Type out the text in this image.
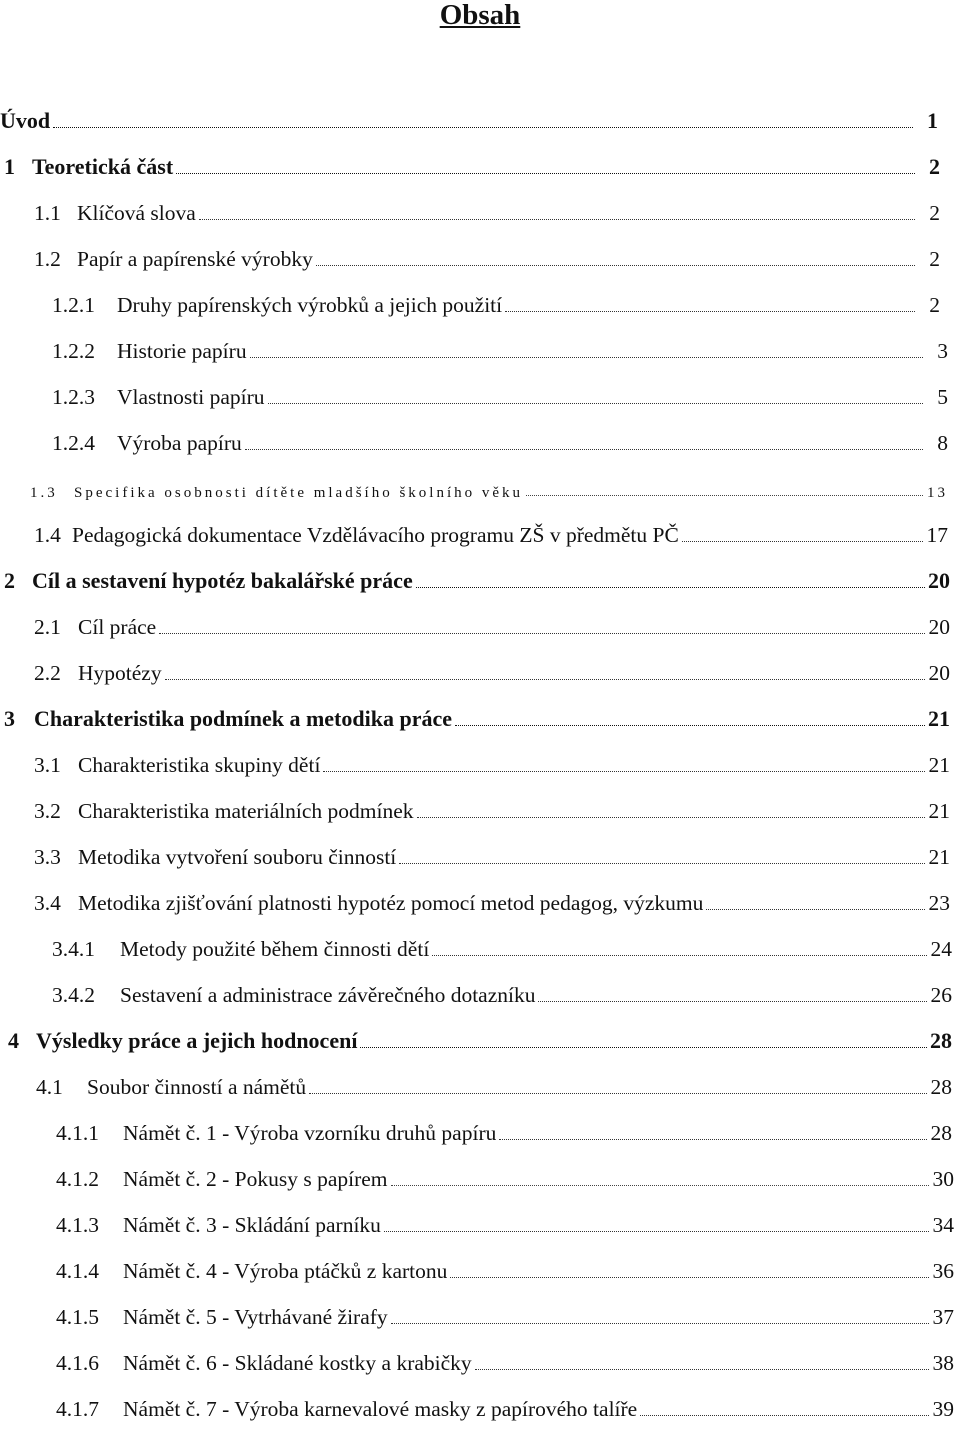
Obsah
Úvod	1
1 Teoretická část	2
1.1 Klíčová slova	2
1.2 Papír a papírenské výrobky	2
1.2.1	Druhy papírenských výrobků a jejich použití	2
1.2.2	Historie papíru	3
1.2.3	Vlastnosti papíru	5
1.2.4	Výroba papíru	8
1.3	Specifika osobnosti dítěte mladšího školního věku	13
1.4 Pedagogická dokumentace Vzdělávacího programu ZŠ v předmětu PČ	17
2 Cíl a sestavení hypotéz bakalářské práce	20
2.1 Cíl práce	20
2.2 Hypotézy	20
3 Charakteristika podmínek a metodika práce	21
3.1 Charakteristika skupiny dětí	21
3.2 Charakteristika materiálních podmínek	21
3.3 Metodika vytvoření souboru činností	21
3.4 Metodika zjišťování platnosti hypotéz pomocí metod pedagog, výzkumu	23
3.4.1	Metody použité během činnosti dětí	24
3.4.2	Sestavení a administrace závěrečného dotazníku	26
4 Výsledky práce a jejich hodnocení	28
4.1	Soubor činností a námětů	28
4.1.1	Námět č. 1 - Výroba vzorníku druhů papíru	28
4.1.2	Námět č. 2 - Pokusy s papírem	30
4.1.3	Námět č. 3 - Skládání parníku	34
4.1.4	Námět č. 4 - Výroba ptáčků z kartonu	36
4.1.5	Námět č. 5 - Vytrhávané žirafy	37
4.1.6	Námět č. 6 - Skládané kostky a krabičky	38
4.1.7	Námět č. 7 - Výroba karnevalové masky z papírového talíře	39
